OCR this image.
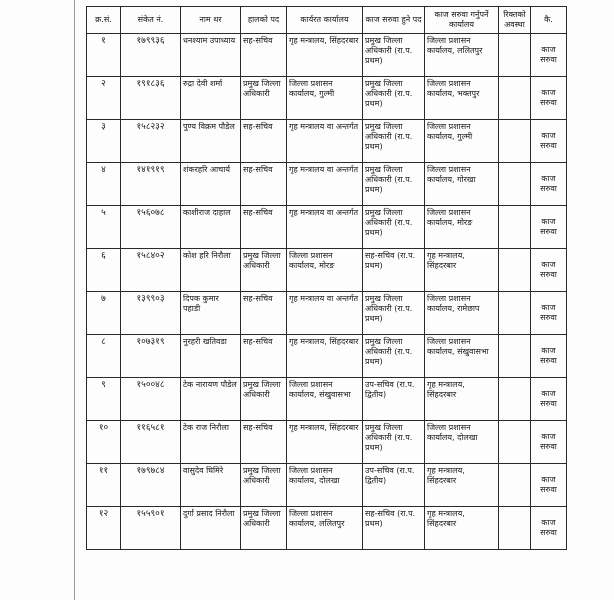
क्र.सं.	संकेत नं.	नाम थर	हालको पद	कार्यरत कार्यालय	काज सरुवा हुने पद	काज सरुवा गर्नुपर्ने कार्यालय	रिक्तको अवस्था	कै.
१	१७९९३६	धनश्याम उपाध्याय	सह-सचिव	गृह मन्त्रालय, सिंहदरबार	प्रमुख जिल्ला अधिकारी (रा.प. प्रथम)	जिल्ला प्रशासन कार्यालय, ललितपुर		काज सरुवा
२	१९१८३६	रुद्रा देवी शर्मा	प्रमुख जिल्ला अधिकारी	जिल्ला प्रशासन कार्यालय, गुल्मी	प्रमुख जिल्ला अधिकारी (रा.प. प्रथम)	जिल्ला प्रशासन कार्यालय, भक्तपुर		काज सरुवा
३	१५८२३२	पुण्य विक्रम पौडेल	सह-सचिव	गृह मन्त्रालय वा अन्तर्गत	प्रमुख जिल्ला अधिकारी (रा.प. प्रथम)	जिल्ला प्रशासन कार्यालय, गुल्मी		काज सरुवा
४	१४१९१९	शंकरहरि आचार्य	सह-सचिव	गृह मन्त्रालय वा अन्तर्गत	प्रमुख जिल्ला अधिकारी (रा.प. प्रथम)	जिल्ला प्रशासन कार्यालय, गोरखा		काज सरुवा
५	१५६०७८	काशीराज दाहाल	सह-सचिव	गृह मन्त्रालय वा अन्तर्गत	प्रमुख जिल्ला अधिकारी (रा.प. प्रथम)	जिल्ला प्रशासन कार्यालय, मोरङ		काज सरुवा
६	१५८४०२	कोश हरि निरौला	प्रमुख जिल्ला अधिकारी	जिल्ला प्रशासन कार्यालय, मोरङ	सह-सचिव (रा.प. प्रथम)	गृह मन्त्रालय, सिंहदरबार		काज सरुवा
७	१३९९०३	दिपक कुमार पहाडी	सह-सचिव	गृह मन्त्रालय वा अन्तर्गत	प्रमुख जिल्ला अधिकारी (रा.प. प्रथम)	जिल्ला प्रशासन कार्यालय, रामेछाप		काज सरुवा
८	१०७३१९	नुरहरी खतिवडा	सह-सचिव	गृह मन्त्रालय, सिंहदरबार	प्रमुख जिल्ला अधिकारी (रा.प. प्रथम)	जिल्ला प्रशासन कार्यालय, संखुवासभा		काज सरुवा
९	१५००४८	टेक नारायण पौडेल	प्रमुख जिल्ला अधिकारी	जिल्ला प्रशासन कार्यालय, संखुवासभा	उप-सचिव (रा.प. द्वितीय)	गृह मन्त्रालय, सिंहदरबार		काज सरुवा
१०	११६५८१	टेक राज निरौला	सह-सचिव	गृह मन्त्रालय, सिंहदरबार	प्रमुख जिल्ला अधिकारी (रा.प. प्रथम)	जिल्ला प्रशासन कार्यालय, दोलखा		काज सरुवा
११	१७९७८४	वासुदेव घिमिरे	प्रमुख जिल्ला अधिकारी	जिल्ला प्रशासन कार्यालय, दोलखा	उप-सचिव (रा.प. द्वितीय)	गृह मन्त्रालय, सिंहदरबार		काज सरुवा
१२	१५५९०१	दुर्गा प्रसाद निरौला	प्रमुख जिल्ला अधिकारी	जिल्ला प्रशासन कार्यालय, ललितपुर	सह-सचिव (रा.प. प्रथम)	गृह मन्त्रालय, सिंहदरबार		काज सरुवा
